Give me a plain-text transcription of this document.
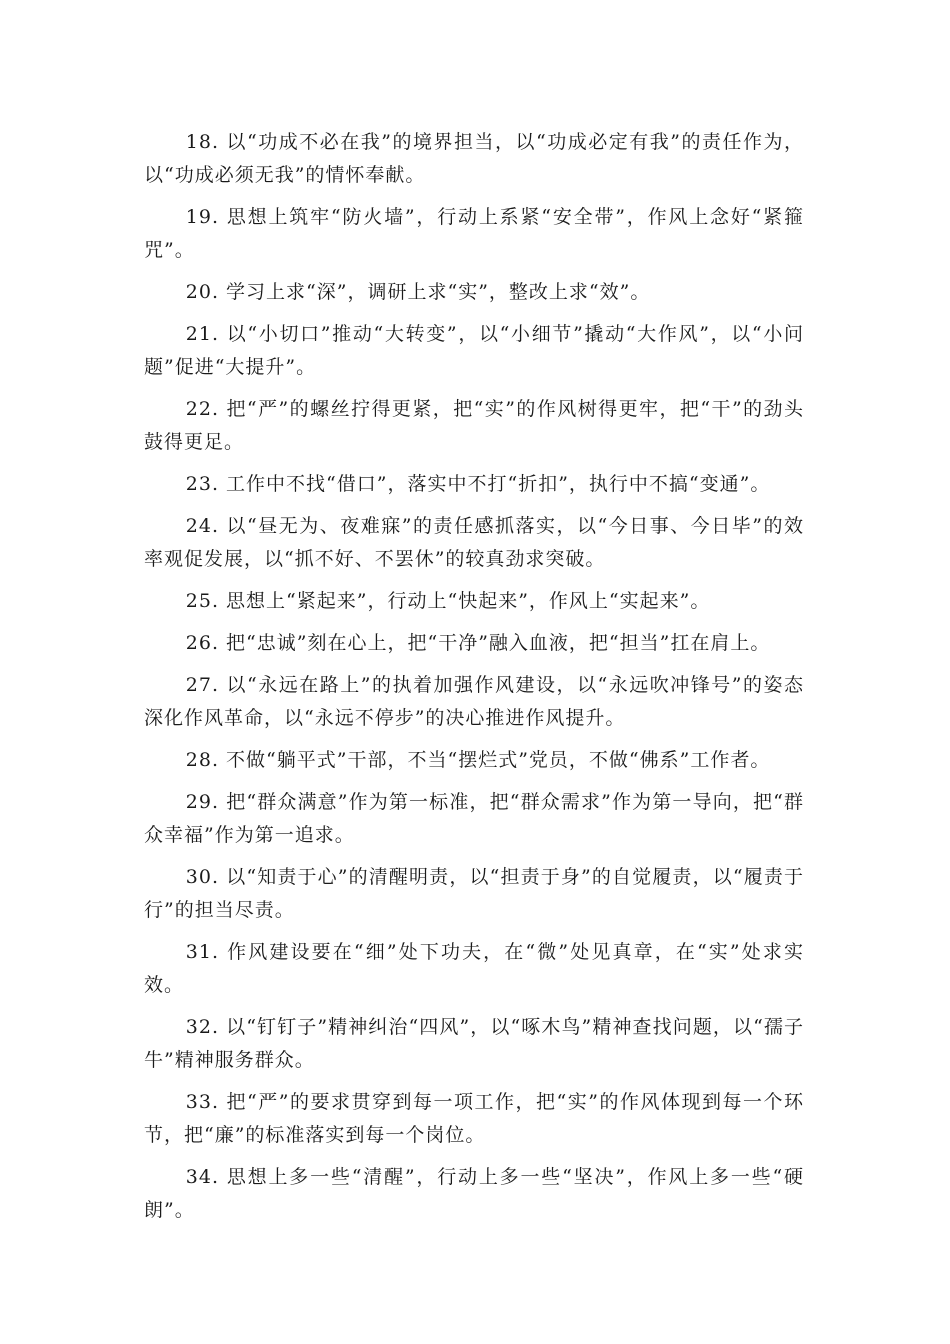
18. 以“功成不必在我”的境界担当，以“功成必定有我”的责任作为，以“功成必须无我”的情怀奉献。

19. 思想上筑牢“防火墙”，行动上系紧“安全带”，作风上念好“紧箍咒”。

20. 学习上求“深”，调研上求“实”，整改上求“效”。

21. 以“小切口”推动“大转变”，以“小细节”撬动“大作风”，以“小问题”促进“大提升”。

22. 把“严”的螺丝拧得更紧，把“实”的作风树得更牢，把“干”的劲头鼓得更足。

23. 工作中不找“借口”，落实中不打“折扣”，执行中不搞“变通”。

24. 以“昼无为、夜难寐”的责任感抓落实，以“今日事、今日毕”的效率观促发展，以“抓不好、不罢休”的较真劲求突破。

25. 思想上“紧起来”，行动上“快起来”，作风上“实起来”。

26. 把“忠诚”刻在心上，把“干净”融入血液，把“担当”扛在肩上。

27. 以“永远在路上”的执着加强作风建设，以“永远吹冲锋号”的姿态深化作风革命，以“永远不停步”的决心推进作风提升。

28. 不做“躺平式”干部，不当“摆烂式”党员，不做“佛系”工作者。

29. 把“群众满意”作为第一标准，把“群众需求”作为第一导向，把“群众幸福”作为第一追求。

30. 以“知责于心”的清醒明责，以“担责于身”的自觉履责，以“履责于行”的担当尽责。

31. 作风建设要在“细”处下功夫，在“微”处见真章，在“实”处求实效。

32. 以“钉钉子”精神纠治“四风”，以“啄木鸟”精神查找问题，以“孺子牛”精神服务群众。

33. 把“严”的要求贯穿到每一项工作，把“实”的作风体现到每一个环节，把“廉”的标准落实到每一个岗位。

34. 思想上多一些“清醒”，行动上多一些“坚决”，作风上多一些“硬朗”。
